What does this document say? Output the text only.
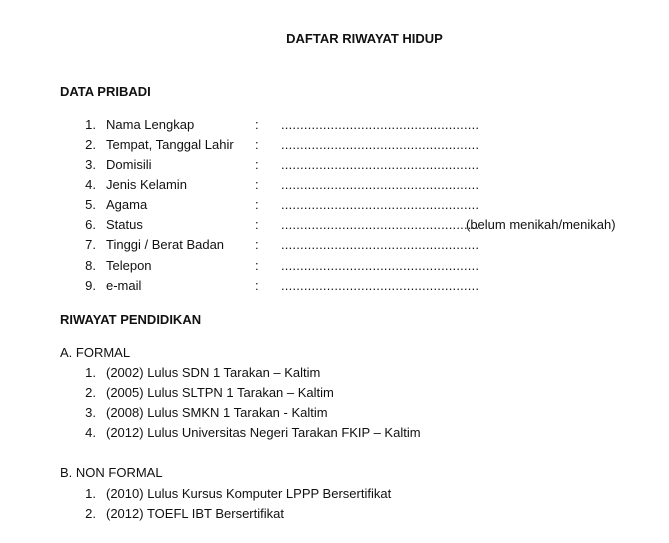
DAFTAR RIWAYAT HIDUP
DATA PRIBADI
1. Nama Lengkap	: ....................................................
2. Tempat, Tanggal Lahir : ....................................................
3. Domisili	: ....................................................
4. Jenis Kelamin	: ....................................................
5. Agama	: ....................................................
6. Status	: ....................................................
(belum menikah/menikah)
7. Tinggi / Berat Badan : ....................................................
8. Telepon	: ....................................................
9. e-mail	: ....................................................
RIWAYAT PENDIDIKAN
A. FORMAL
1. (2002) Lulus SDN 1 Tarakan – Kaltim
2. (2005) Lulus SLTPN 1 Tarakan – Kaltim
3. (2008) Lulus SMKN 1 Tarakan - Kaltim
4. (2012) Lulus Universitas Negeri Tarakan FKIP – Kaltim
B. NON FORMAL
1. (2010) Lulus Kursus Komputer LPPP Bersertifikat
2. (2012) TOEFL IBT Bersertifikat
